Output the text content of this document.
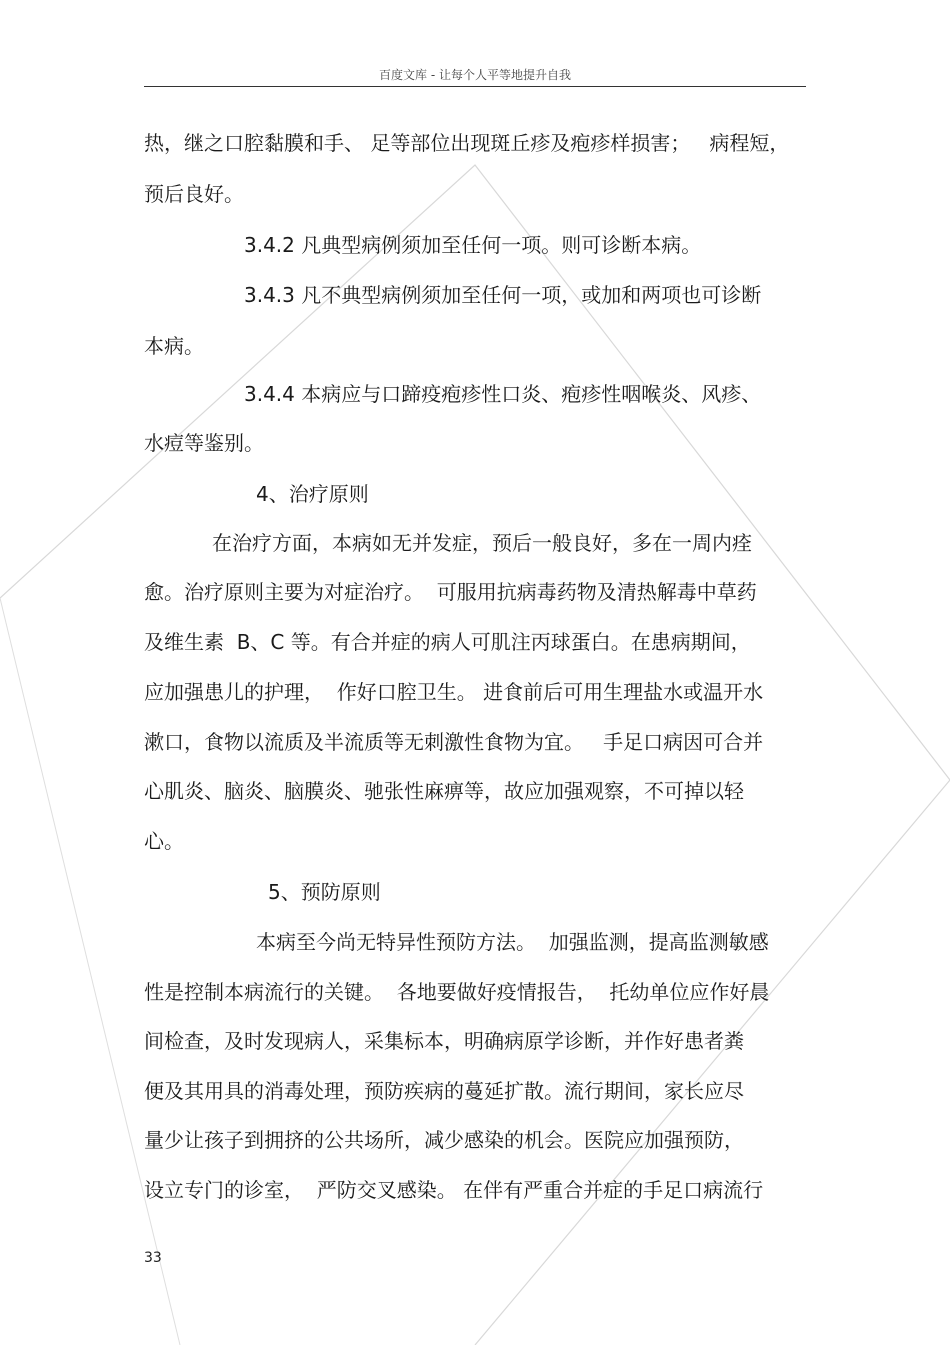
百度文库 - 让每个人平等地提升自我
热，继之口腔黏膜和手、 足等部位出现斑丘疹及疱疹样损害；   病程短，
预后良好。
3.4.2 凡典型病例须加至任何一项。则可诊断本病。
3.4.3 凡不典型病例须加至任何一项，或加和两项也可诊断
本病。
3.4.4 本病应与口蹄疫疱疹性口炎、疱疹性咽喉炎、风疹、
水痘等鉴别。
4、治疗原则
在治疗方面，本病如无并发症，预后一般良好，多在一周内痊
愈。治疗原则主要为对症治疗。  可服用抗病毒药物及清热解毒中草药
及维生素  B、C 等。有合并症的病人可肌注丙球蛋白。在患病期间，
应加强患儿的护理，  作好口腔卫生。 进食前后可用生理盐水或温开水
漱口，食物以流质及半流质等无刺激性食物为宜。   手足口病因可合并
心肌炎、脑炎、脑膜炎、驰张性麻痹等，故应加强观察，不可掉以轻
心。
5、预防原则
本病至今尚无特异性预防方法。  加强监测，提高监测敏感
性是控制本病流行的关键。  各地要做好疫情报告，  托幼单位应作好晨
间检查，及时发现病人，采集标本，明确病原学诊断，并作好患者粪
便及其用具的消毒处理，预防疾病的蔓延扩散。流行期间，家长应尽
量少让孩子到拥挤的公共场所，减少感染的机会。医院应加强预防，
设立专门的诊室，  严防交叉感染。 在伴有严重合并症的手足口病流行
33
